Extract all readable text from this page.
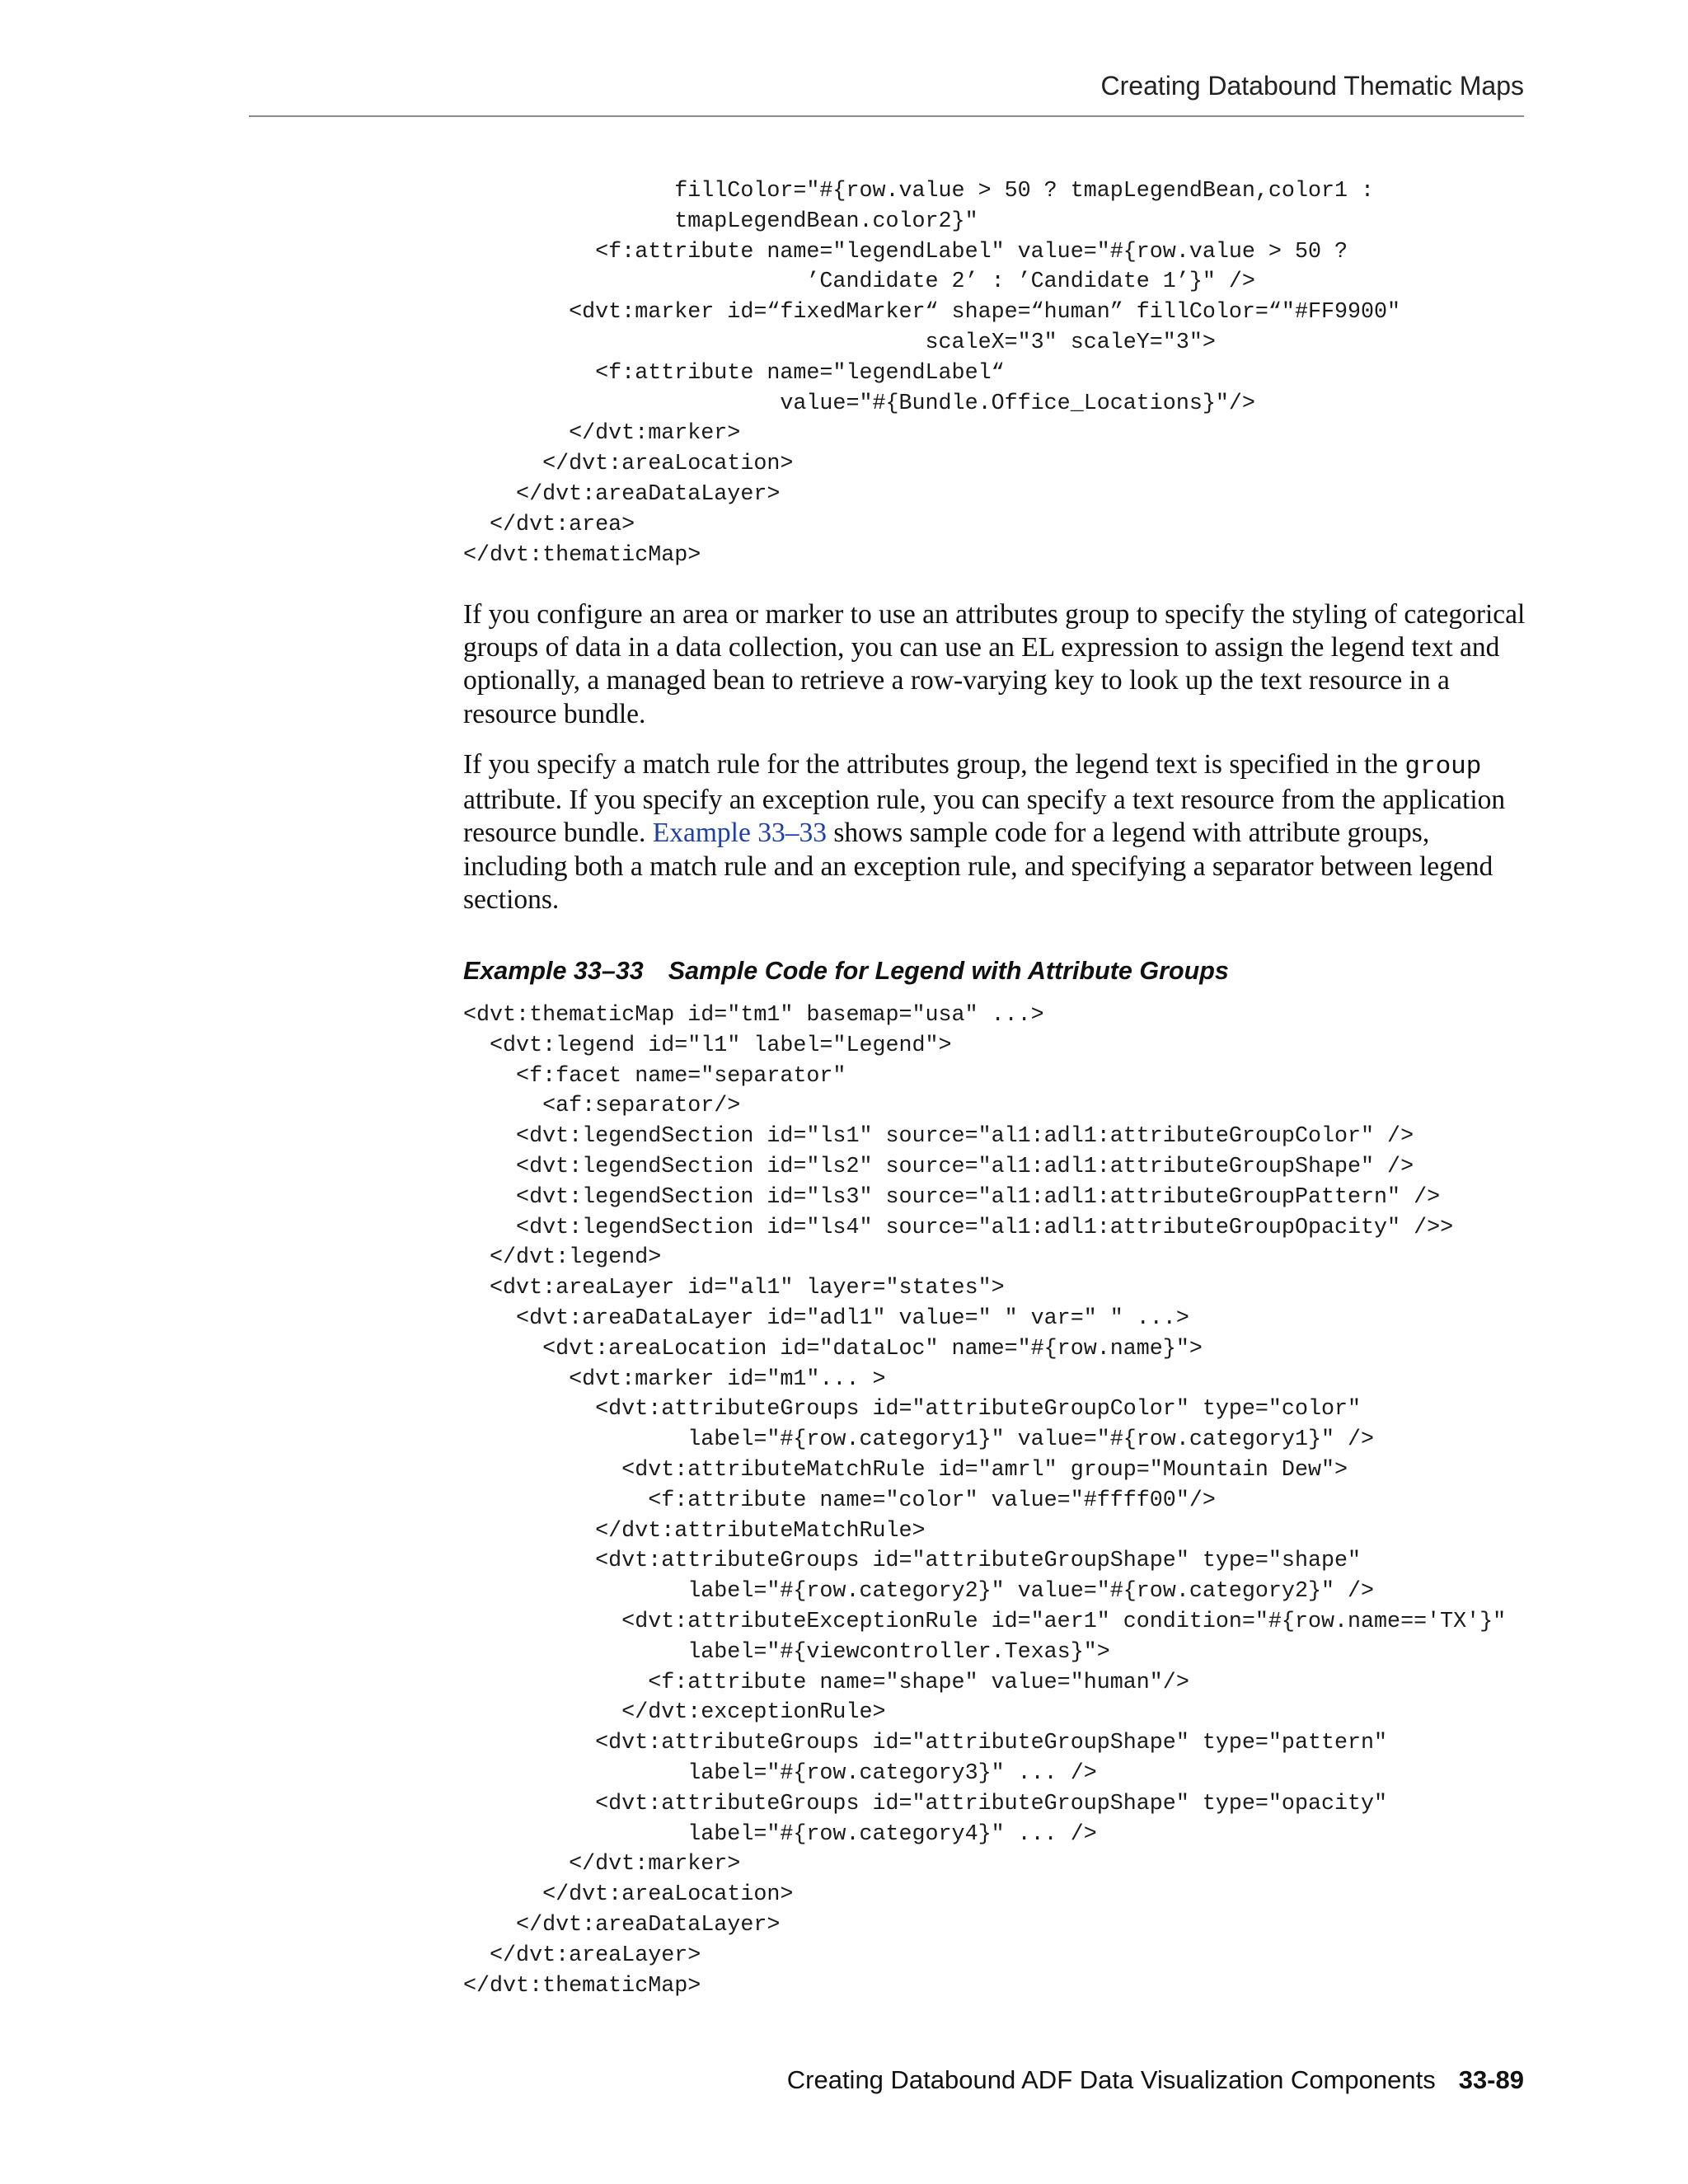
Creating Databound Thematic Maps
fillColor="#{row.value > 50 ? tmapLegendBean,color1 :
tmapLegendBean.color2}"
<f:attribute name="legendLabel" value="#{row.value > 50 ?
’Candidate 2’ : ’Candidate 1’}" />
<dvt:marker id=“fixedMarker“ shape=“human” fillColor=“"#FF9900"
scaleX="3" scaleY="3">
<f:attribute name="legendLabel“
value="#{Bundle.Office_Locations}"/>
</dvt:marker>
</dvt:areaLocation>
</dvt:areaDataLayer>
</dvt:area>
</dvt:thematicMap>

If you configure an area or marker to use an attributes group to specify the styling of categorical groups of data in a data collection, you can use an EL expression to assign the legend text and optionally, a managed bean to retrieve a row-varying key to look up the text resource in a resource bundle.

If you specify a match rule for the attributes group, the legend text is specified in the group attribute. If you specify an exception rule, you can specify a text resource from the application resource bundle. Example 33–33 shows sample code for a legend with attribute groups, including both a match rule and an exception rule, and specifying a separator between legend sections.

Example 33–33 Sample Code for Legend with Attribute Groups
<dvt:thematicMap id="tm1" basemap="usa" ...>
<dvt:legend id="l1" label="Legend">
<f:facet name="separator"
<af:separator/>
<dvt:legendSection id="ls1" source="al1:adl1:attributeGroupColor" />
<dvt:legendSection id="ls2" source="al1:adl1:attributeGroupShape" />
<dvt:legendSection id="ls3" source="al1:adl1:attributeGroupPattern" />
<dvt:legendSection id="ls4" source="al1:adl1:attributeGroupOpacity" />>
</dvt:legend>
<dvt:areaLayer id="al1" layer="states">
<dvt:areaDataLayer id="adl1" value=" " var=" " ...>
<dvt:areaLocation id="dataLoc" name="#{row.name}">
<dvt:marker id="m1"... >
<dvt:attributeGroups id="attributeGroupColor" type="color"
label="#{row.category1}" value="#{row.category1}" />
<dvt:attributeMatchRule id="amrl" group="Mountain Dew">
<f:attribute name="color" value="#ffff00"/>
</dvt:attributeMatchRule>
<dvt:attributeGroups id="attributeGroupShape" type="shape"
label="#{row.category2}" value="#{row.category2}" />
<dvt:attributeExceptionRule id="aer1" condition="#{row.name=='TX'}"
label="#{viewcontroller.Texas}">
<f:attribute name="shape" value="human"/>
</dvt:exceptionRule>
<dvt:attributeGroups id="attributeGroupShape" type="pattern"
label="#{row.category3}" ... />
<dvt:attributeGroups id="attributeGroupShape" type="opacity"
label="#{row.category4}" ... />
</dvt:marker>
</dvt:areaLocation>
</dvt:areaDataLayer>
</dvt:areaLayer>
</dvt:thematicMap>
Creating Databound ADF Data Visualization Components 33-89
